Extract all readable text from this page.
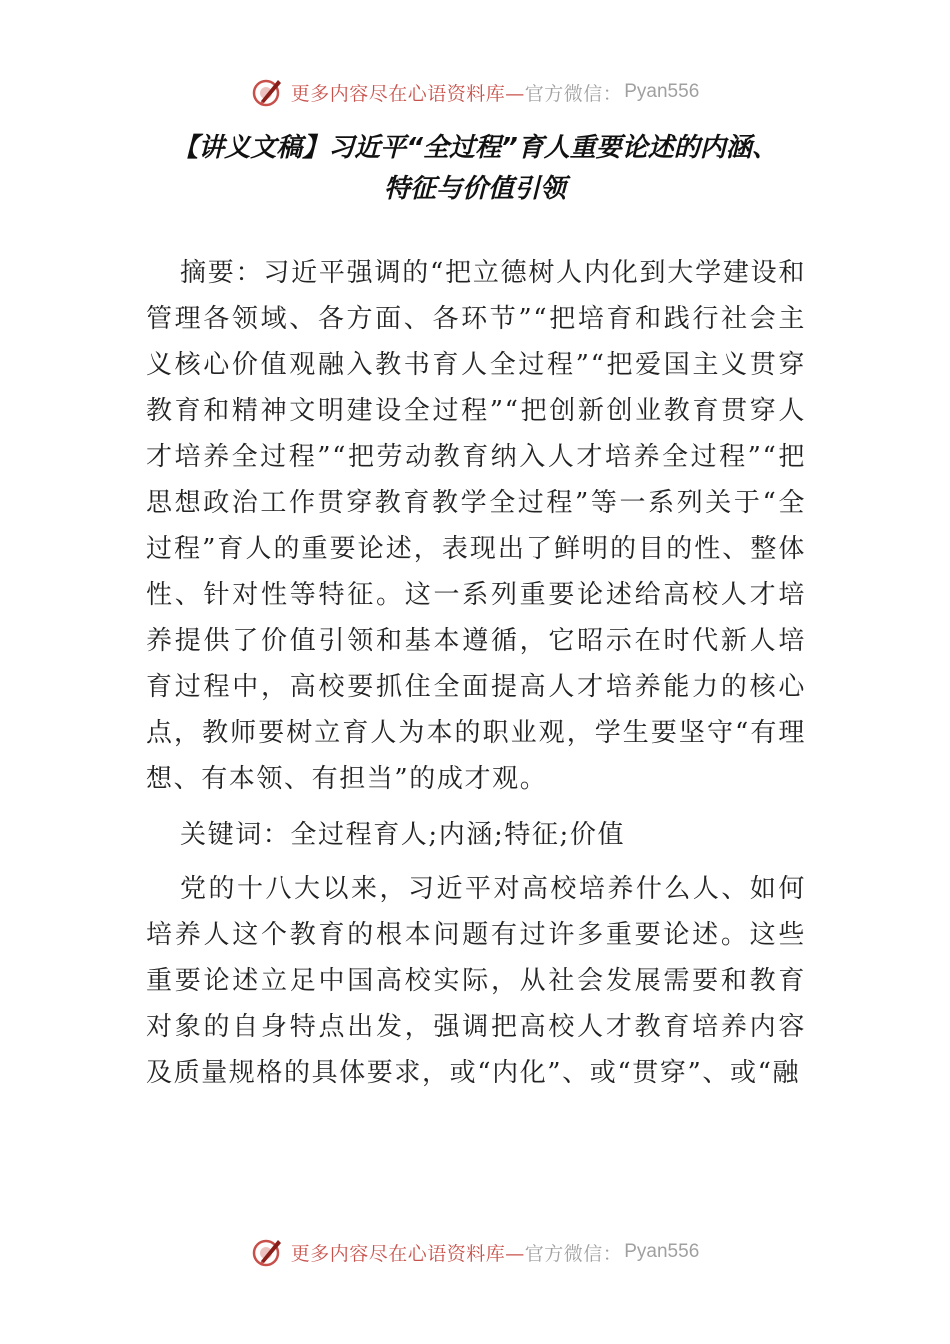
更多内容尽在心语资料库— 官方微信： Pyan556
【讲义文稿】习近平“全过程”育人重要论述的内涵、
特征与价值引领

摘要：习近平强调的“把立德树人内化到大学建设和管理各领域、各方面、各环节”“把培育和践行社会主义核心价值观融入教书育人全过程”“把爱国主义贯穿教育和精神文明建设全过程”“把创新创业教育贯穿人才培养全过程”“把劳动教育纳入人才培养全过程”“把思想政治工作贯穿教育教学全过程”等一系列关于“全过程”育人的重要论述，表现出了鲜明的目的性、整体性、针对性等特征。这一系列重要论述给高校人才培养提供了价值引领和基本遵循，它昭示在时代新人培育过程中，高校要抓住全面提高人才培养能力的核心点，教师要树立育人为本的职业观，学生要坚守“有理想、有本领、有担当”的成才观。

关键词：全过程育人;内涵;特征;价值

党的十八大以来，习近平对高校培养什么人、如何培养人这个教育的根本问题有过许多重要论述。这些重要论述立足中国高校实际，从社会发展需要和教育对象的自身特点出发，强调把高校人才教育培养内容及质量规格的具体要求，或“内化”、或“贯穿”、或“融

更多内容尽在心语资料库— 官方微信： Pyan556
